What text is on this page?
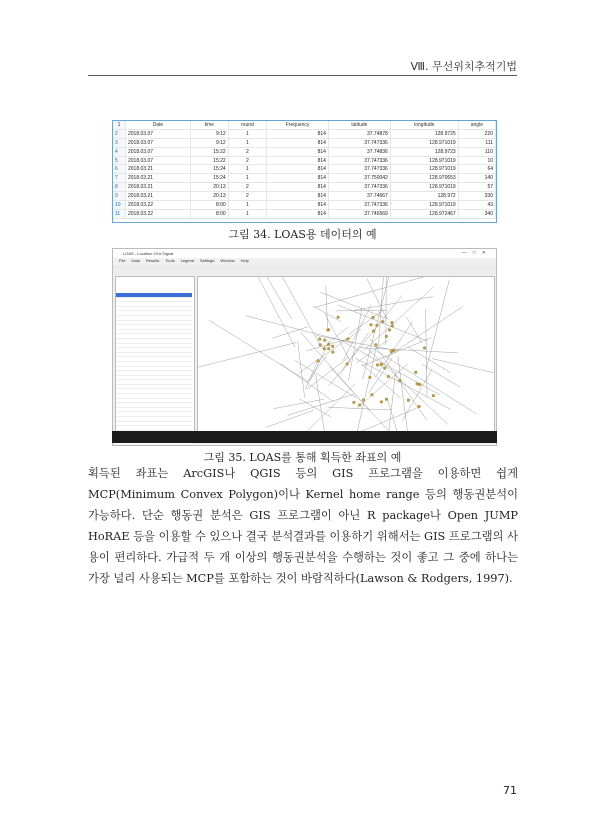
Ⅷ. 무선위치추적기법
1	Date	time	round	Frequency	latitude	longitude	angle
2	2018.03.07	9:12	1	814	37.74878	128.9725	220
3	2018.03.07	9:12	1	814	37.747336	128.971019	111
4	2018.03.07	15:22	2	814	37.74836	128.9723	110
5	2018.03.07	15:22	2	814	37.747336	128.971019	10
6	2018.03.21	15:24	1	814	37.747336	128.971019	64
7	2018.03.21	15:24	1	814	37.750042	128.970653	140
8	2018.03.21	20:13	2	814	37.747336	128.971019	57
9	2018.03.21	20:13	2	814	37.74667	128.972	330
10	2018.03.22	8:00	1	814	37.747336	128.971019	43
11	2018.03.22	8:00	1	814	37.746569	128.972467	340
그림 34. LOAS용 데이터의 예
LOAS - Location Of A Signal	—□✕
File Data Results Tools Legend Settings Window Help
그림 35. LOAS를 통해 획득한 좌표의 예

획득된 좌표는 ArcGIS나 QGIS 등의 GIS 프로그램을 이용하면 쉽게 MCP(Minimum Convex Polygon)이나 Kernel home range 등의 행동권분석이 가능하다. 단순 행동권 분석은 GIS 프로그램이 아닌 R package나 Open JUMP HoRAE 등을 이용할 수 있으나 결국 분석결과를 이용하기 위해서는 GIS 프로그램의 사용이 편리하다. 가급적 두 개 이상의 행동권분석을 수행하는 것이 좋고 그 중에 하나는 가장 널리 사용되는 MCP를 포함하는 것이 바람직하다(Lawson & Rodgers, 1997).

71
